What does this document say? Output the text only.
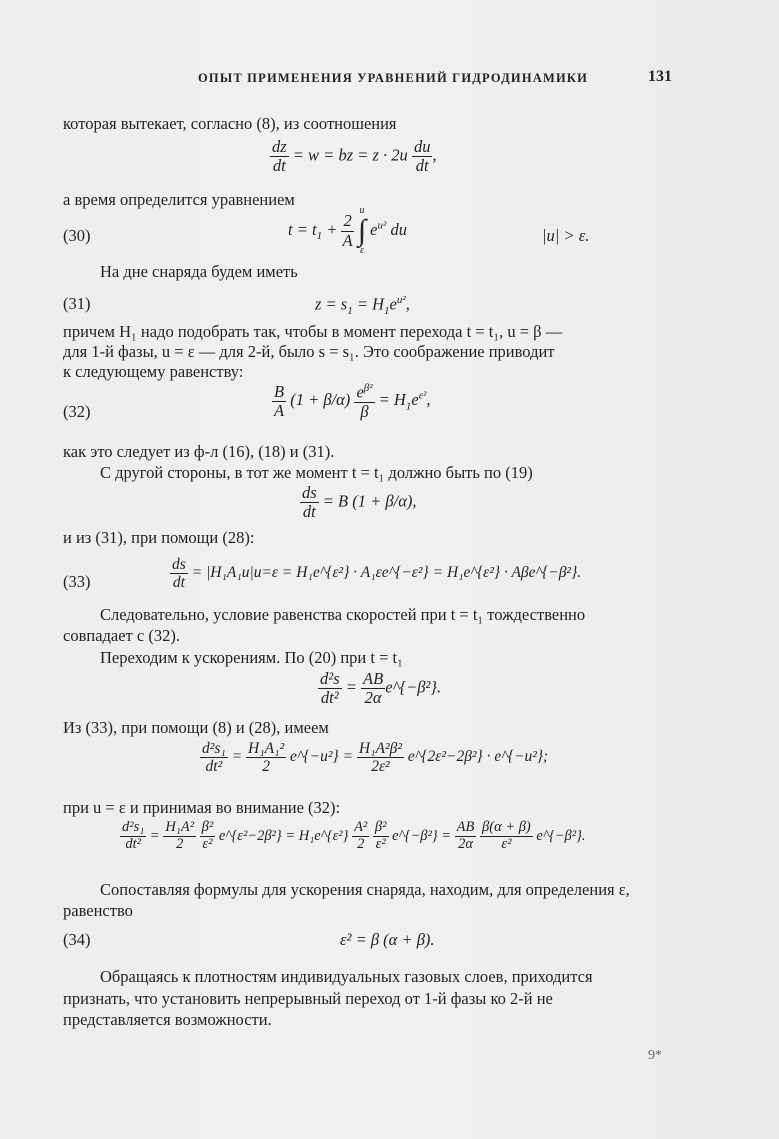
ОПЫТ ПРИМЕНЕНИЯ УРАВНЕНИЙ ГИДРОДИНАМИКИ	131
которая вытекает, согласно (8), из соотношения
$\frac{dz}{dt} = w$ = bz = $z \cdot 2u \frac{du}{dt}$ ,
а время определится уравнением
(30)	$t = t_1 + \frac{2}{A}$

u
∫
ε
$e^{u^2}$ du	|u| > ε.
На дне снаряда будем иметь
(31)	$z = s_1 = H_1e^{u^2}$,
причем H₁ надо подобрать так, чтобы в момент перехода t = t₁, u = β —
для 1-й фазы, u = ε — для 2-й, было s = s₁. Это соображение приводит
к следующему равенству:
(32)	$\frac{B}{A} (1 + \beta/\alpha) \frac{e^{\beta^2}}{\beta} = H_1e^{\varepsilon^2}$,
как это следует из ф-л (16), (18) и (31).
С другой стороны, в тот же момент t = t₁ должно быть по (19)
$\frac{ds}{dt} = B$ (1 + β/α),
и из (31), при помощи (28):
(33)	$\frac{ds}{dt} = |H_1A_1u|u=\varepsilon$ = H₁e^{ε²} · A₁εe^{−ε²} = H₁e^{ε²} · Aβe^{−β²}.
Следовательно, условие равенства скоростей при t = t₁ тождественно
совпадает с (32).
Переходим к ускорениям. По (20) при t = t₁
$\frac{\text{d²s}}{\text{dt²}} = \frac{AB}{2\alpha}$ e^{−β²}.
Из (33), при помощи (8) и (28), имеем
$\frac{\text{d²s₁}}{\text{dt²}} = \frac{\text{H₁A₁²}}{2}$ e^{−u²} = $\frac{\text{H₁A²β²}}{\text{2ε²}}$ e^{2ε²−2β²} · e^{−u²};
при u = ε и принимая во внимание (32):
$\frac{\text{d²s₁}}{\text{dt²}} = \frac{\text{H₁A²}}{2}$
$\frac{\text{β²}}{\text{ε²}}$ e^{ε²−2β²} = H₁e^{ε²} $\frac{\text{A²}}{2}$
$\frac{\text{β²}}{\text{ε²}}$ e^{−β²} = $\frac{AB}{2\alpha}$
$\frac{\beta(\alpha + \beta)}{\text{ε²}}$ e^{−β²}.
Сопоставляя формулы для ускорения снаряда, находим, для определения ε,
равенство
(34)	ε² = β (α + β).
Обращаясь к плотностям индивидуальных газовых слоев, приходится
признать, что установить непрерывный переход от 1-й фазы ко 2-й не
представляется возможности.
9*
